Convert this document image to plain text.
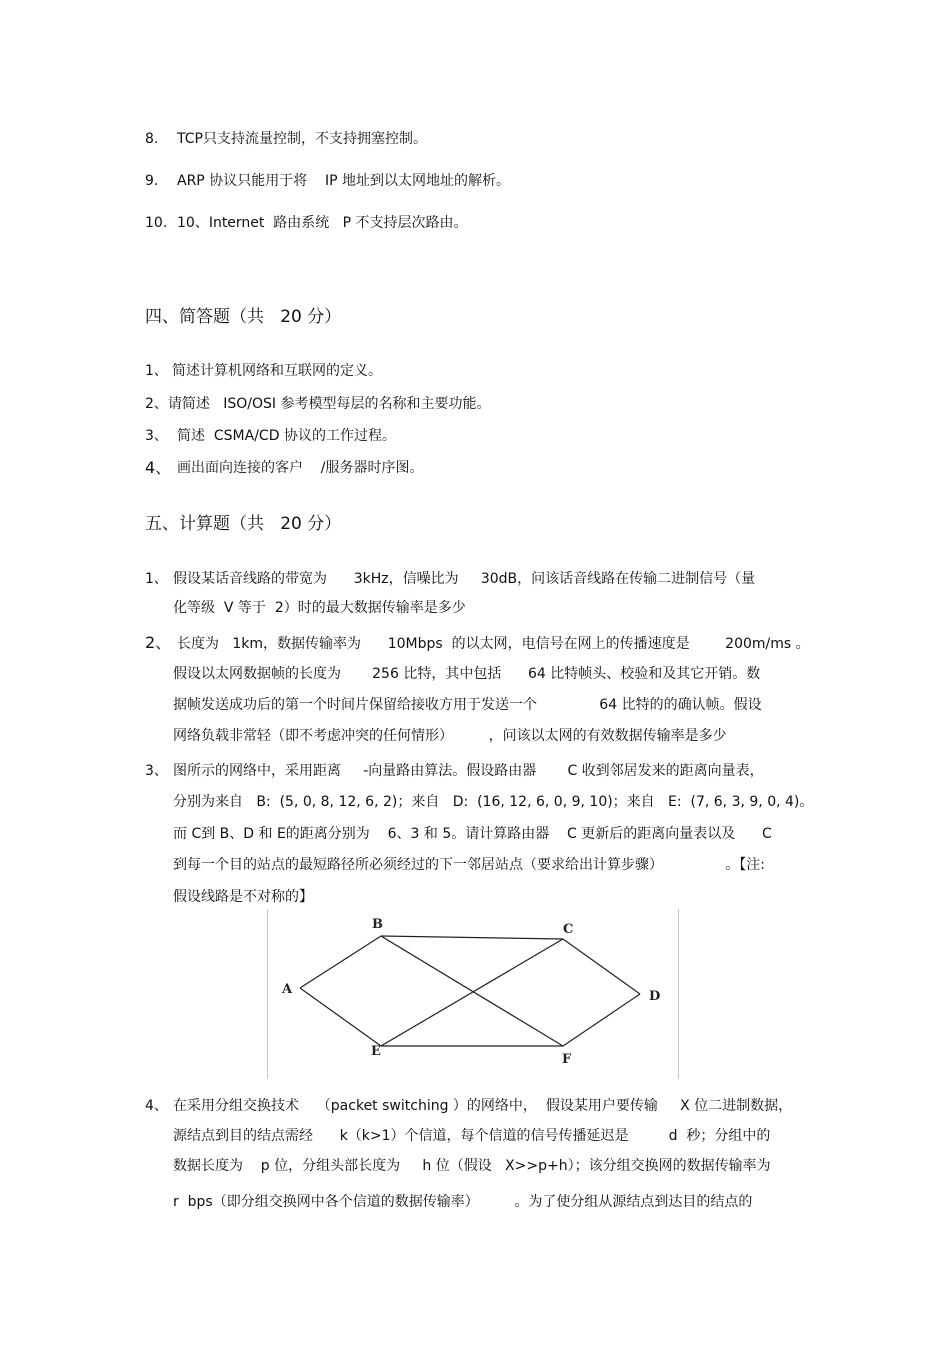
8. TCP只支持流量控制，不支持拥塞控制。
9. ARP 协议只能用于将    IP 地址到以太网地址的解析。
10. 10、Internet  路由系统   P 不支持层次路由。
四、简答题（共   20 分）
1、 简述计算机网络和互联网的定义。
2、请简述   ISO/OSI 参考模型每层的名称和主要功能。
3、 简述  CSMA/CD 协议的工作过程。
4、 画出面向连接的客户    /服务器时序图。
五、计算题（共   20 分）
1、 假设某话音线路的带宽为      3kHz，信噪比为     30dB，问该话音线路在传输二进制信号（量
化等级  V 等于  2）时的最大数据传输率是多少
2、 长度为   1km，数据传输率为      10Mbps  的以太网，电信号在网上的传播速度是        200m/ms 。
假设以太网数据帧的长度为       256 比特，其中包括      64 比特帧头、校验和及其它开销。数
据帧发送成功后的第一个时间片保留给接收方用于发送一个              64 比特的的确认帧。假设
网络负载非常轻（即不考虑冲突的任何情形）        ，问该以太网的有效数据传输率是多少
3、 图所示的网络中，采用距离     -向量路由算法。假设路由器       C 收到邻居发来的距离向量表，
分别为来自   B:  (5, 0, 8, 12, 6, 2)；来自   D:  (16, 12, 6, 0, 9, 10)；来自   E:  (7, 6, 3, 9, 0, 4)。
而 C到 B、D 和 E的距离分别为    6、3 和 5。请计算路由器    C 更新后的距离向量表以及      C
到每一个目的站点的最短路径所必须经过的下一邻居站点（要求给出计算步骤）              。【注:
假设线路是不对称的】
A
B	C
D
E
F
4、 在采用分组交换技术    （packet switching ）的网络中，  假设某用户要传输     X 位二进制数据，
源结点到目的结点需经      k（k>1）个信道，每个信道的信号传播延迟是         d  秒；分组中的
数据长度为    p 位，分组头部长度为     h 位（假设   X>>p+h）；该分组交换网的数据传输率为
r  bps（即分组交换网中各个信道的数据传输率）        。为了使分组从源结点到达目的结点的
